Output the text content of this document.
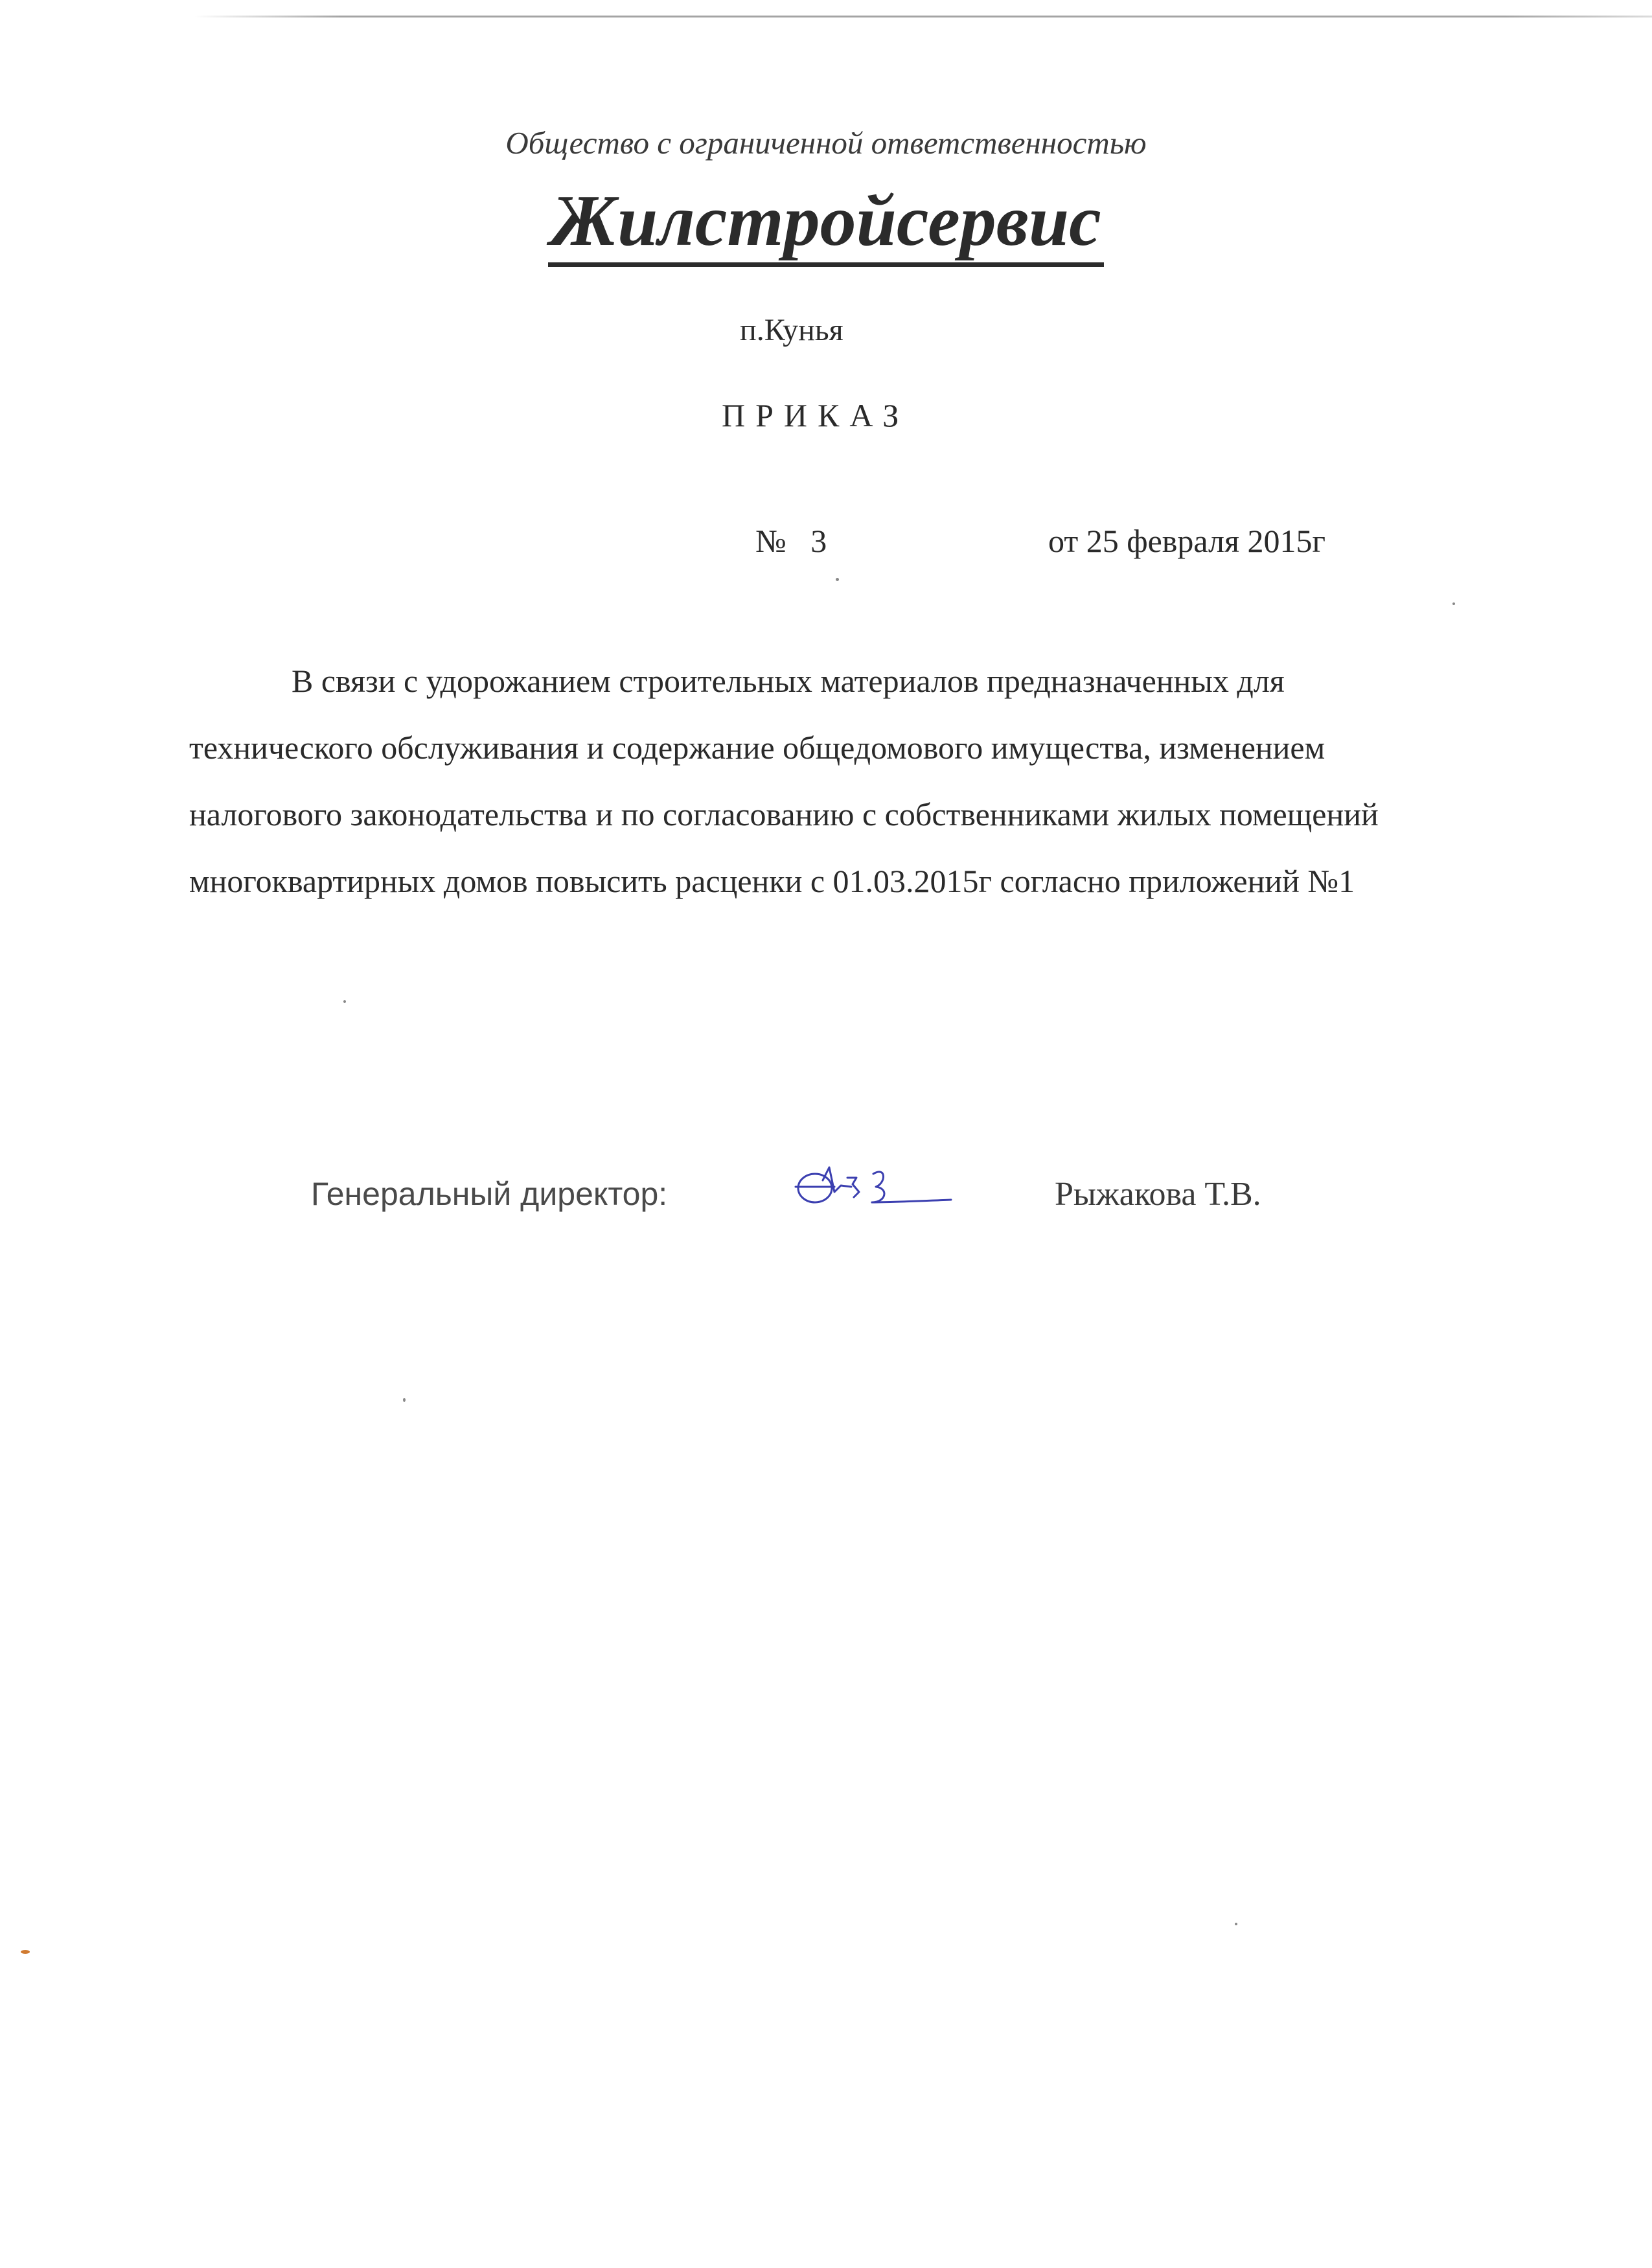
Общество с ограниченной ответственностью
Жилстройсервис
п.Кунья
ПРИКАЗ
№   3	от 25 февраля 2015г

В связи с удорожанием строительных материалов предназначенных для технического обслуживания и содержание общедомового имущества, изменением налогового законодательства и по согласованию с собственниками жилых помещений многоквартирных домов повысить расценки с 01.03.2015г согласно приложений №1

Генеральный директор:	Рыжакова Т.В.
